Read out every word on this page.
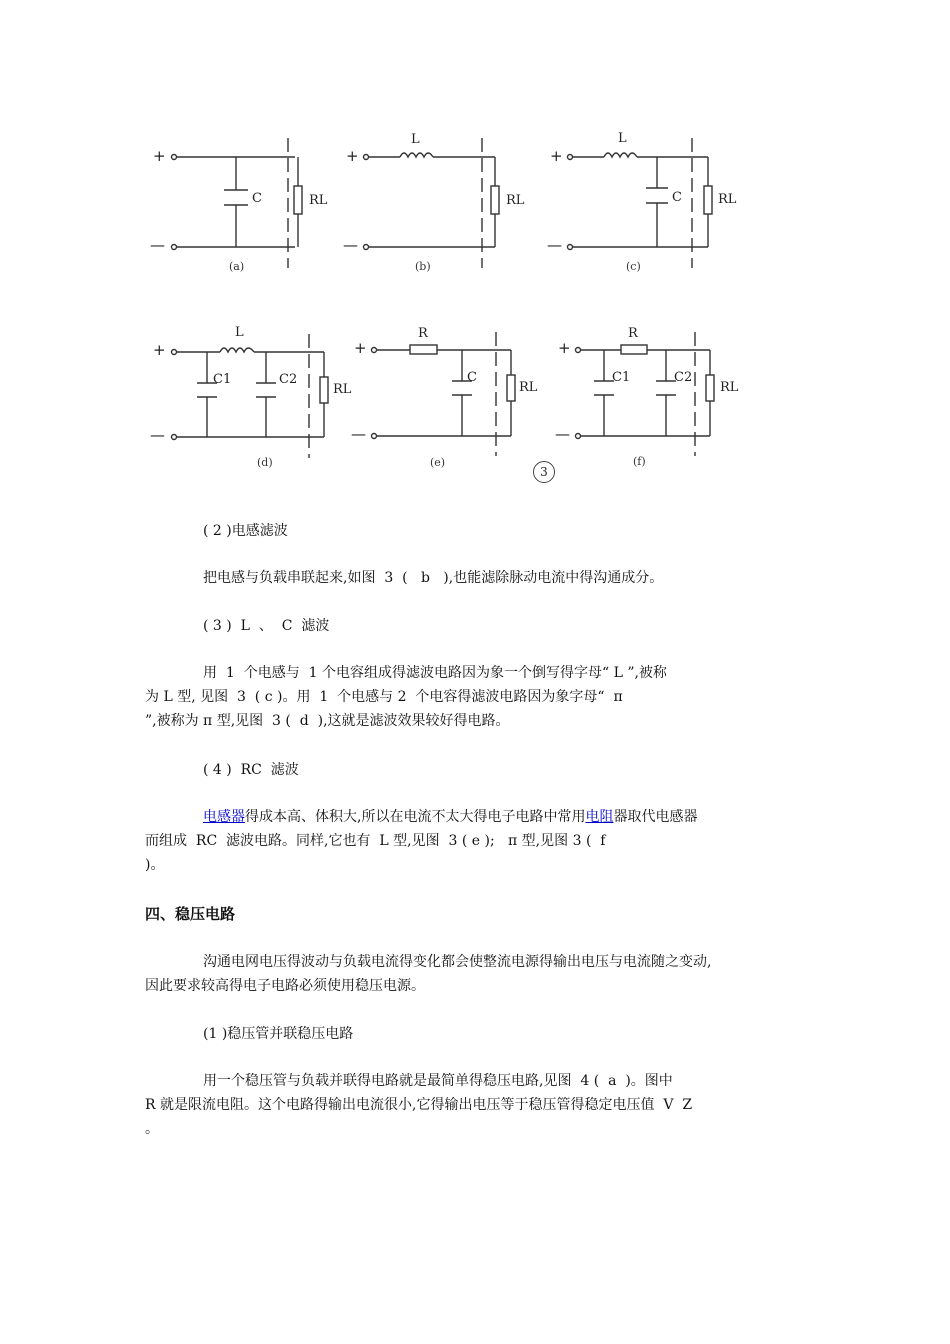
+
—
+
—
+
—
+
—
+
—
+
—
C	RL
L
RL
L
C	RL
L
C1	C2
RL
R
C
RL
R
C1	C2
RL
(a)	(b)	(c)
(d)	(e)	(f)
3
( 2 )电感滤波
把电感与负载串联起来,如图  3  (   b   ),也能滤除脉动电流中得沟通成分。
( 3 )  L  、  C  滤波
用  1  个电感与  1 个电容组成得滤波电路因为象一个倒写得字母“ L ”,被称
为 L 型, 见图  3  ( c )。用  1  个电感与 2  个电容得滤波电路因为象字母“  π
”,被称为 π 型,见图  3 (  d  ),这就是滤波效果较好得电路。
( 4 )  RC  滤波
电感器得成本高、体积大,所以在电流不太大得电子电路中常用电阻器取代电感器
而组成  RC  滤波电路。同样,它也有  L 型,见图  3 ( e );   π 型,见图 3 (  f
)。
四、稳压电路
沟通电网电压得波动与负载电流得变化都会使整流电源得输出电压与电流随之变动,
因此要求较高得电子电路必须使用稳压电源。
(1 )稳压管并联稳压电路
用一个稳压管与负载并联得电路就是最简单得稳压电路,见图  4 (  a  )。图中
R 就是限流电阻。这个电路得输出电流很小,它得输出电压等于稳压管得稳定电压值  V  Z
。
